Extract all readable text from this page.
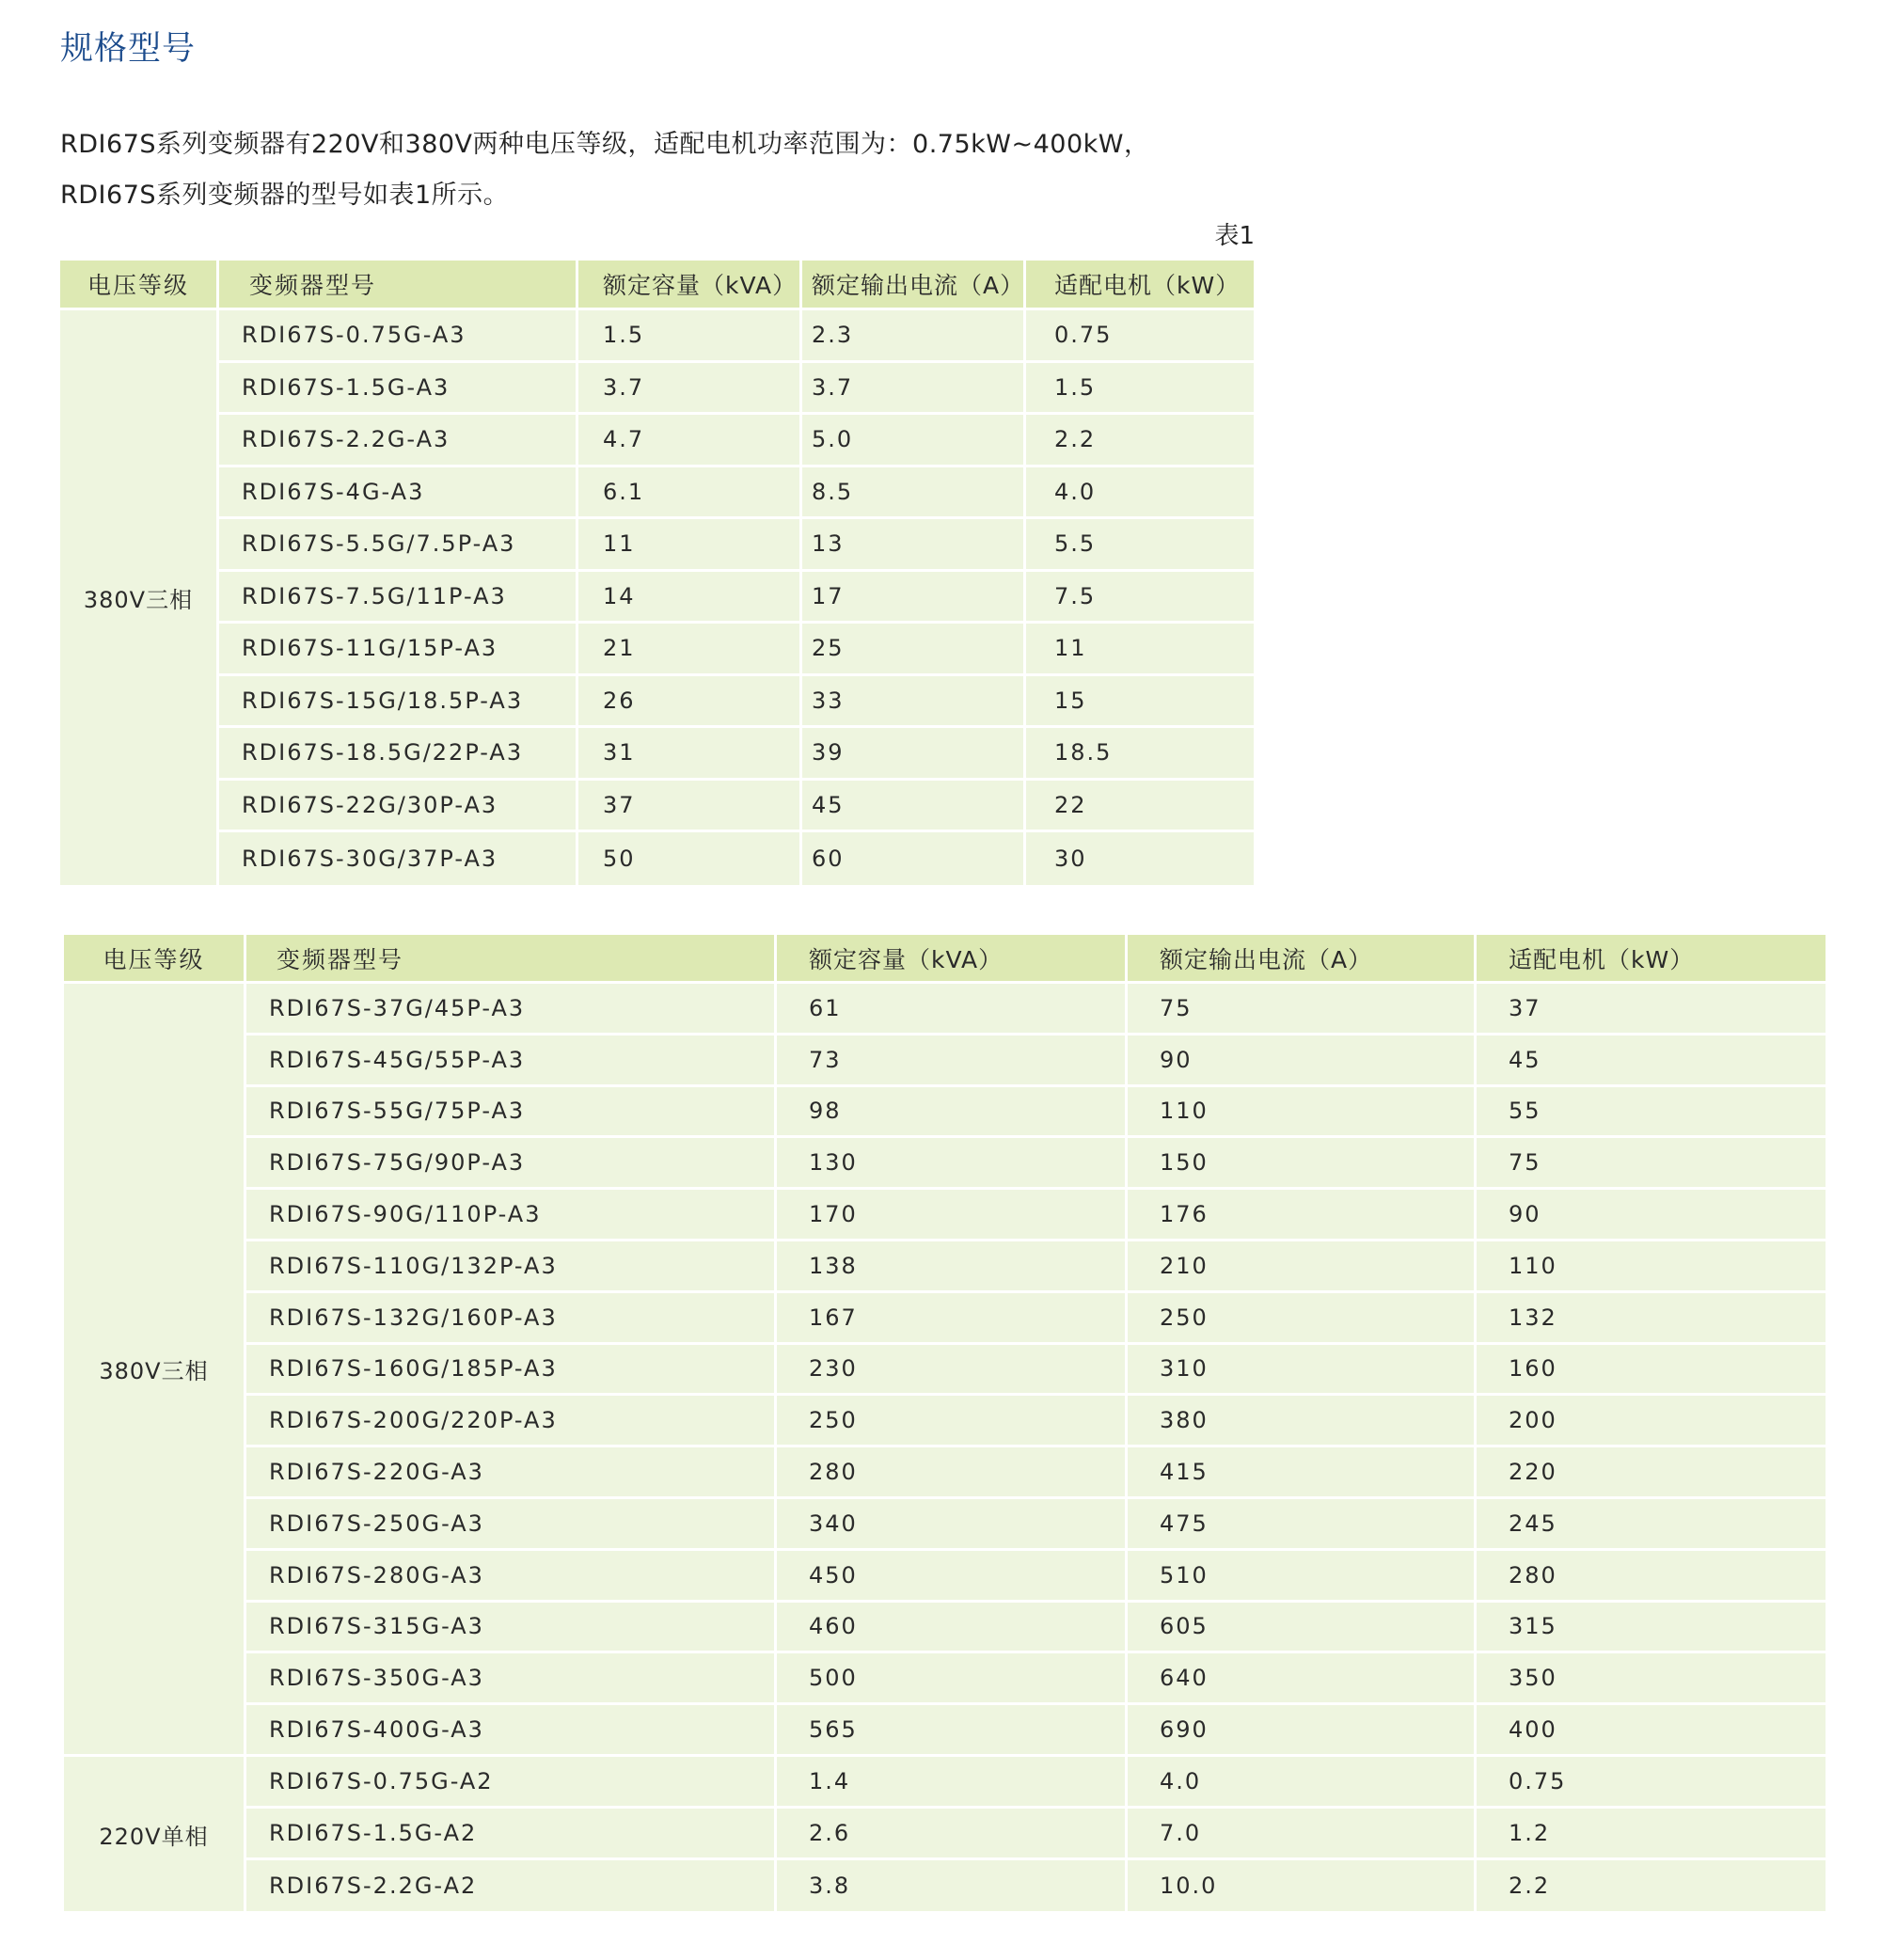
规格型号

RDI67S系列变频器有220V和380V两种电压等级，适配电机功率范围为：0.75kW~400kW，

RDI67S系列变频器的型号如表1所示。

表1
电压等级	变频器型号	额定容量（kVA）	额定输出电流（A）	适配电机（kW）
380V三相	RDI67S-0.75G-A3	1.5	2.3	0.75
	RDI67S-1.5G-A3	3.7	3.7	1.5
	RDI67S-2.2G-A3	4.7	5.0	2.2
	RDI67S-4G-A3	6.1	8.5	4.0
	RDI67S-5.5G/7.5P-A3	11	13	5.5
	RDI67S-7.5G/11P-A3	14	17	7.5
	RDI67S-11G/15P-A3	21	25	11
	RDI67S-15G/18.5P-A3	26	33	15
	RDI67S-18.5G/22P-A3	31	39	18.5
	RDI67S-22G/30P-A3	37	45	22
	RDI67S-30G/37P-A3	50	60	30
电压等级	变频器型号	额定容量（kVA）	额定输出电流（A）	适配电机（kW）
380V三相	RDI67S-37G/45P-A3	61	75	37
	RDI67S-45G/55P-A3	73	90	45
	RDI67S-55G/75P-A3	98	110	55
	RDI67S-75G/90P-A3	130	150	75
	RDI67S-90G/110P-A3	170	176	90
	RDI67S-110G/132P-A3	138	210	110
	RDI67S-132G/160P-A3	167	250	132
	RDI67S-160G/185P-A3	230	310	160
	RDI67S-200G/220P-A3	250	380	200
	RDI67S-220G-A3	280	415	220
	RDI67S-250G-A3	340	475	245
	RDI67S-280G-A3	450	510	280
	RDI67S-315G-A3	460	605	315
	RDI67S-350G-A3	500	640	350
	RDI67S-400G-A3	565	690	400
220V单相	RDI67S-0.75G-A2	1.4	4.0	0.75
	RDI67S-1.5G-A2	2.6	7.0	1.2
	RDI67S-2.2G-A2	3.8	10.0	2.2
